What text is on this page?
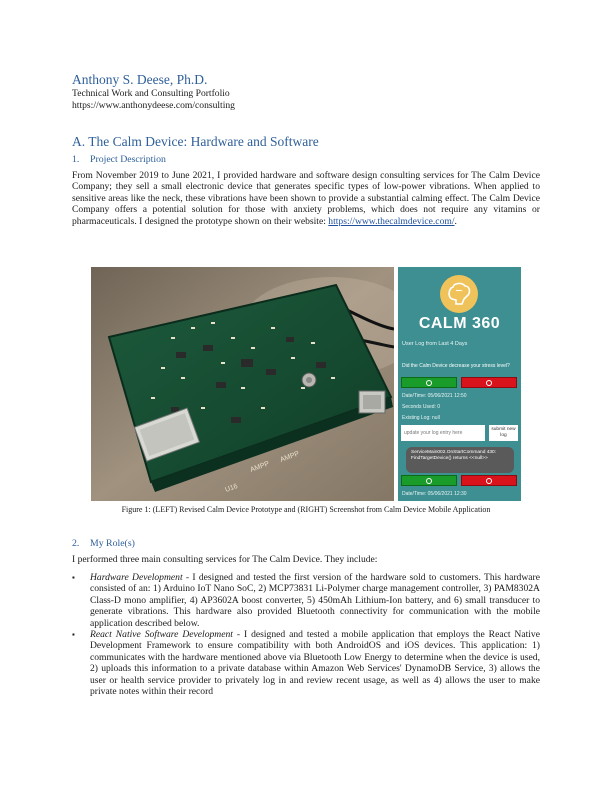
Anthony S. Deese, Ph.D.
Technical Work and Consulting Portfolio
https://www.anthonydeese.com/consulting
A. The Calm Device: Hardware and Software
1. Project Description
From November 2019 to June 2021, I provided hardware and software design consulting services for The Calm Device Company; they sell a small electronic device that generates specific types of low-power vibrations. When applied to sensitive areas like the neck, these vibrations have been shown to provide a substantial calming effect. The Calm Device Company offers a potential solution for those with anxiety problems, which does not require any vitamins or pharmaceuticals. I designed the prototype shown on their website: https://www.thecalmdevice.com/.
AMPP
AMPP
U16
CALM 360
User Log from Last 4 Days
Did the Calm Device decrease your stress level?
Date/Time: 05/06/2021 12:50
Seconds Used: 0
Existing Log: null
update your log entry here
submit new log
ServiceMain002.OnStartCommand 430: FindTargetDevice() returns <<null>>
Date/Time: 05/06/2021 12:30
Figure 1: (LEFT) Revised Calm Device Prototype and (RIGHT) Screenshot from Calm Device Mobile Application
2. My Role(s)
I performed three main consulting services for The Calm Device. They include:
▪ Hardware Development - I designed and tested the first version of the hardware sold to customers. This hardware consisted of an: 1) Arduino IoT Nano SoC, 2) MCP73831 Li-Polymer charge management controller, 3) PAM8302A Class-D mono amplifier, 4) AP3602A boost converter, 5) 450mAh Lithium-Ion battery, and 6) small transducer to generate vibrations. This hardware also provided Bluetooth connectivity for communication with the mobile application described below.
▪ React Native Software Development - I designed and tested a mobile application that employs the React Native Development Framework to ensure compatibility with both AndroidOS and iOS devices. This application: 1) communicates with the hardware mentioned above via Bluetooth Low Energy to determine when the device is used, 2) uploads this information to a private database within Amazon Web Services' DynamoDB Service, 3) allows the user or health service provider to privately log in and review recent usage, as well as 4) allows the user to make private notes within their record
